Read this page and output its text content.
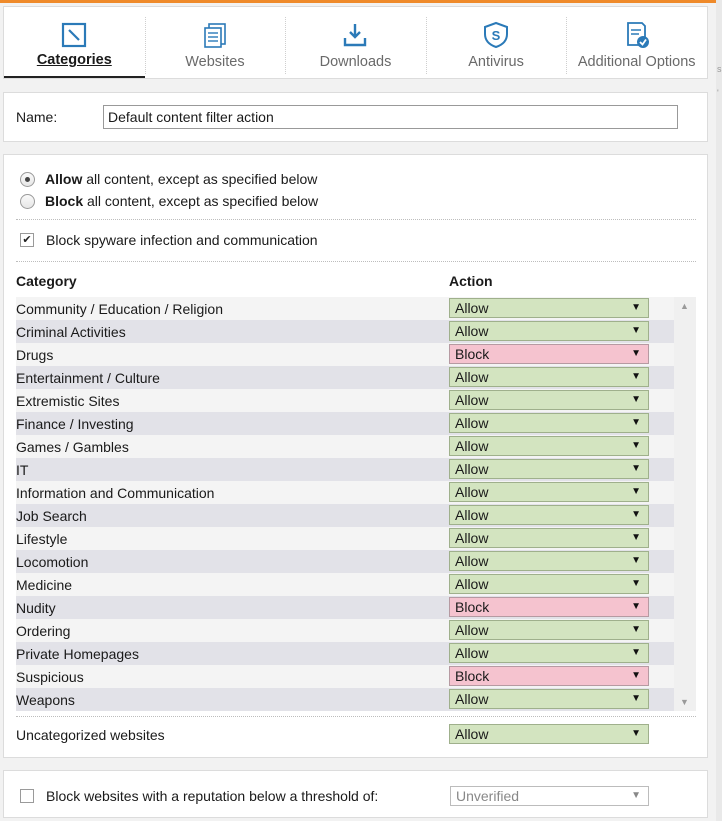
s
'
Categories	Websites	Downloads
S
Antivirus	Additional Options
Name:
Default content filter action
Allow all content, except as specified below
Block all content, except as specified below
✔ Block spyware infection and communication
Category	Action
Community / Education / Religion	Allow	▼
Criminal Activities	Allow	▼
Drugs	Block	▼
Entertainment / Culture	Allow	▼
Extremistic Sites	Allow	▼
Finance / Investing	Allow	▼
Games / Gambles	Allow	▼
IT	Allow	▼
Information and Communication	Allow	▼
Job Search	Allow	▼
Lifestyle	Allow	▼
Locomotion	Allow	▼
Medicine	Allow	▼
Nudity	Block	▼
Ordering	Allow	▼
Private Homepages	Allow	▼
Suspicious	Block	▼
Weapons	Allow	▼
▲
▼
Uncategorized websites	Allow	▼
Block websites with a reputation below a threshold of:	Unverified	▼
